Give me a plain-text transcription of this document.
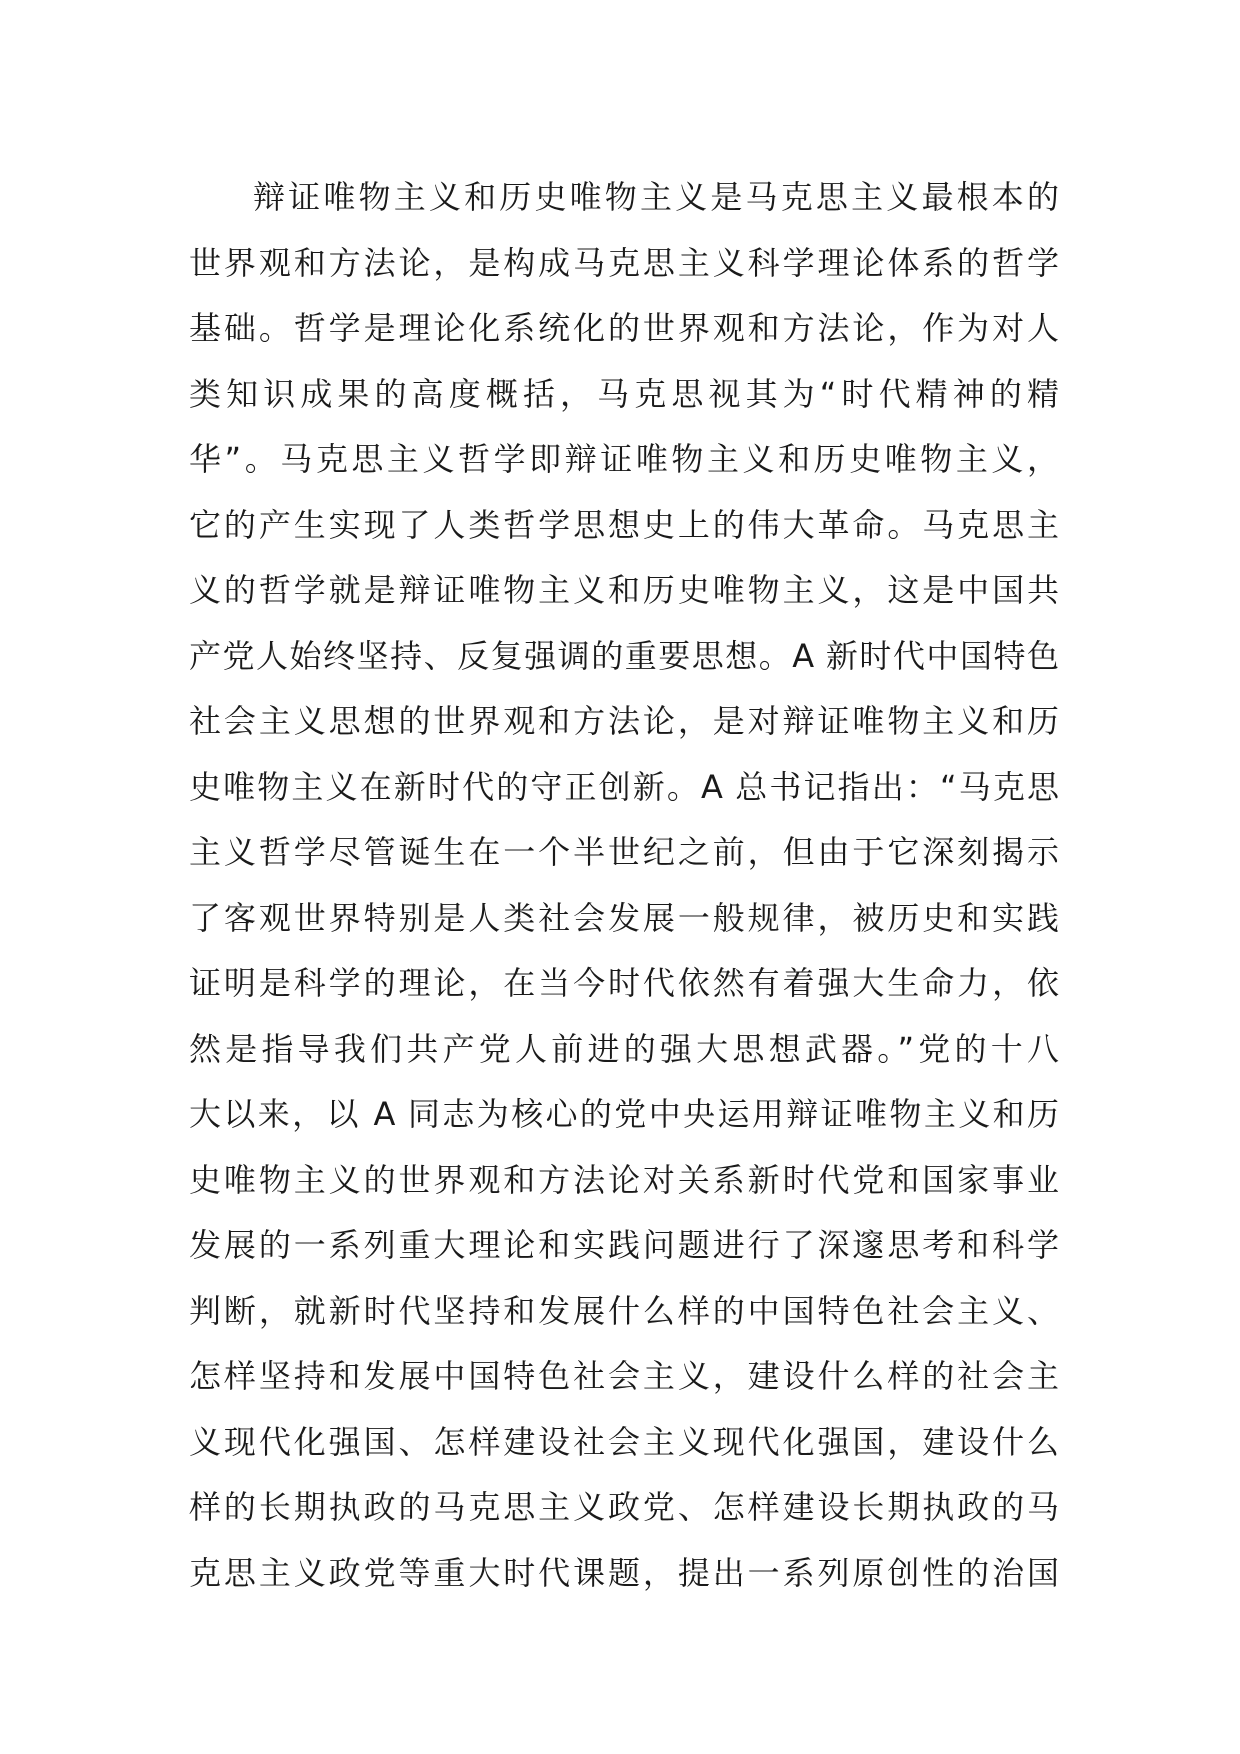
辩证唯物主义和历史唯物主义是马克思主义最根本的
世界观和方法论，是构成马克思主义科学理论体系的哲学
基础。哲学是理论化系统化的世界观和方法论，作为对人
类知识成果的高度概括，马克思视其为“时代精神的精
华”。马克思主义哲学即辩证唯物主义和历史唯物主义，
它的产生实现了人类哲学思想史上的伟大革命。马克思主
义的哲学就是辩证唯物主义和历史唯物主义，这是中国共
产党人始终坚持、反复强调的重要思想。A 新时代中国特色
社会主义思想的世界观和方法论，是对辩证唯物主义和历
史唯物主义在新时代的守正创新。A 总书记指出：“马克思
主义哲学尽管诞生在一个半世纪之前，但由于它深刻揭示
了客观世界特别是人类社会发展一般规律，被历史和实践
证明是科学的理论，在当今时代依然有着强大生命力，依
然是指导我们共产党人前进的强大思想武器。”党的十八
大以来，以 A 同志为核心的党中央运用辩证唯物主义和历
史唯物主义的世界观和方法论对关系新时代党和国家事业
发展的一系列重大理论和实践问题进行了深邃思考和科学
判断，就新时代坚持和发展什么样的中国特色社会主义、
怎样坚持和发展中国特色社会主义，建设什么样的社会主
义现代化强国、怎样建设社会主义现代化强国，建设什么
样的长期执政的马克思主义政党、怎样建设长期执政的马
克思主义政党等重大时代课题，提出一系列原创性的治国
